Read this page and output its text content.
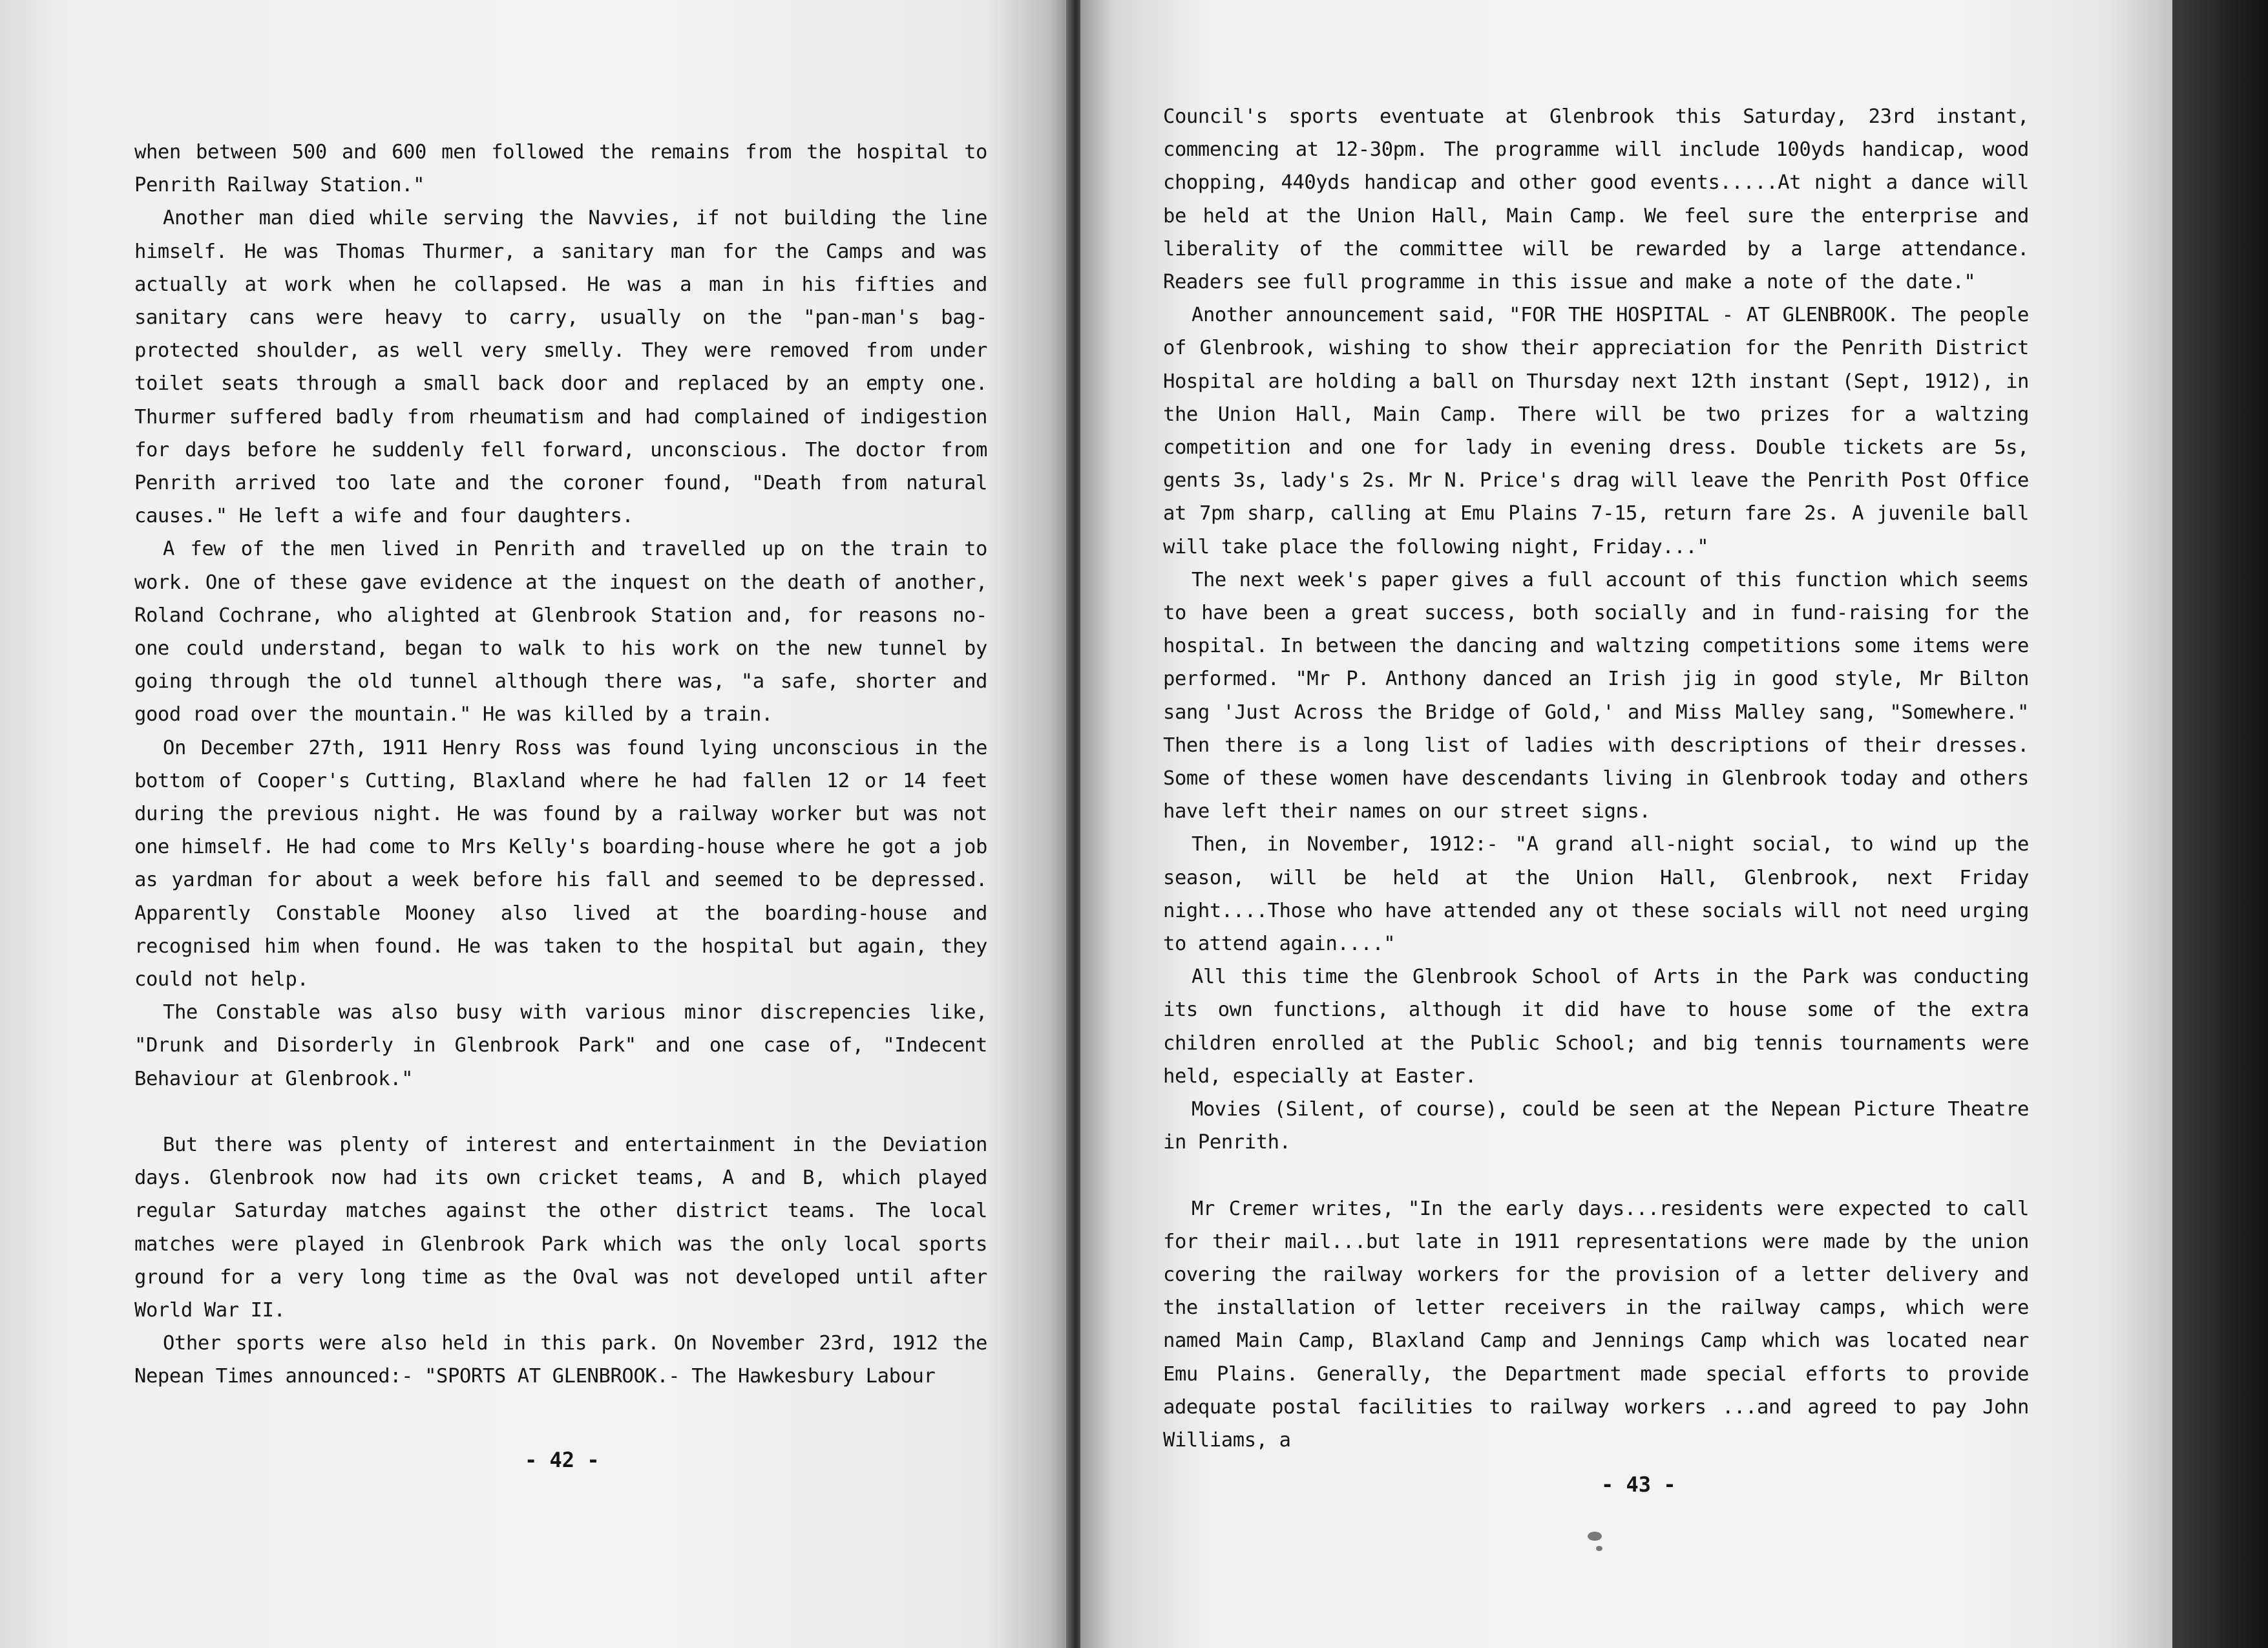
when between 500 and 600 men followed the remains from the hospital to Penrith Railway Station."

Another man died while serving the Navvies, if not building the line himself. He was Thomas Thurmer, a sanitary man for the Camps and was actually at work when he collapsed. He was a man in his fifties and sanitary cans were heavy to carry, usually on the "pan-man's bag-protected shoulder, as well very smelly. They were removed from under toilet seats through a small back door and replaced by an empty one. Thurmer suffered badly from rheumatism and had complained of indigestion for days before he suddenly fell forward, unconscious. The doctor from Penrith arrived too late and the coroner found, "Death from natural causes." He left a wife and four daughters.

A few of the men lived in Penrith and travelled up on the train to work. One of these gave evidence at the inquest on the death of another, Roland Cochrane, who alighted at Glenbrook Station and, for reasons no-one could understand, began to walk to his work on the new tunnel by going through the old tunnel although there was, "a safe, shorter and good road over the mountain." He was killed by a train.

On December 27th, 1911 Henry Ross was found lying unconscious in the bottom of Cooper's Cutting, Blaxland where he had fallen 12 or 14 feet during the previous night. He was found by a railway worker but was not one himself. He had come to Mrs Kelly's boarding-house where he got a job as yardman for about a week before his fall and seemed to be depressed. Apparently Constable Mooney also lived at the boarding-house and recognised him when found. He was taken to the hospital but again, they could not help.

The Constable was also busy with various minor discrepencies like, "Drunk and Disorderly in Glenbrook Park" and one case of, "Indecent Behaviour at Glenbrook."

But there was plenty of interest and entertainment in the Deviation days. Glenbrook now had its own cricket teams, A and B, which played regular Saturday matches against the other district teams. The local matches were played in Glenbrook Park which was the only local sports ground for a very long time as the Oval was not developed until after World War II.

Other sports were also held in this park. On November 23rd, 1912 the Nepean Times announced:- "SPORTS AT GLENBROOK.- The Hawkesbury Labour

- 42 -

Council's sports eventuate at Glenbrook this Saturday, 23rd instant, commencing at 12-30pm. The programme will include 100yds handicap, wood chopping, 440yds handicap and other good events.....At night a dance will be held at the Union Hall, Main Camp. We feel sure the enterprise and liberality of the committee will be rewarded by a large attendance. Readers see full programme in this issue and make a note of the date."

Another announcement said, "FOR THE HOSPITAL - AT GLENBROOK. The people of Glenbrook, wishing to show their appreciation for the Penrith District Hospital are holding a ball on Thursday next 12th instant (Sept, 1912), in the Union Hall, Main Camp. There will be two prizes for a waltzing competition and one for lady in evening dress. Double tickets are 5s, gents 3s, lady's 2s. Mr N. Price's drag will leave the Penrith Post Office at 7pm sharp, calling at Emu Plains 7-15, return fare 2s. A juvenile ball will take place the following night, Friday..."

The next week's paper gives a full account of this function which seems to have been a great success, both socially and in fund-raising for the hospital. In between the dancing and waltzing competitions some items were performed. "Mr P. Anthony danced an Irish jig in good style, Mr Bilton sang 'Just Across the Bridge of Gold,' and Miss Malley sang, "Somewhere." Then there is a long list of ladies with descriptions of their dresses. Some of these women have descendants living in Glenbrook today and others have left their names on our street signs.

Then, in November, 1912:- "A grand all-night social, to wind up the season, will be held at the Union Hall, Glenbrook, next Friday night....Those who have attended any ot these socials will not need urging to attend again...."

All this time the Glenbrook School of Arts in the Park was conducting its own functions, although it did have to house some of the extra children enrolled at the Public School; and big tennis tournaments were held, especially at Easter.

Movies (Silent, of course), could be seen at the Nepean Picture Theatre in Penrith.

Mr Cremer writes, "In the early days...residents were expected to call for their mail...but late in 1911 representations were made by the union covering the railway workers for the provision of a letter delivery and the installation of letter receivers in the railway camps, which were named Main Camp, Blaxland Camp and Jennings Camp which was located near Emu Plains. Generally, the Department made special efforts to provide adequate postal facilities to railway workers ...and agreed to pay John Williams, a

- 43 -
